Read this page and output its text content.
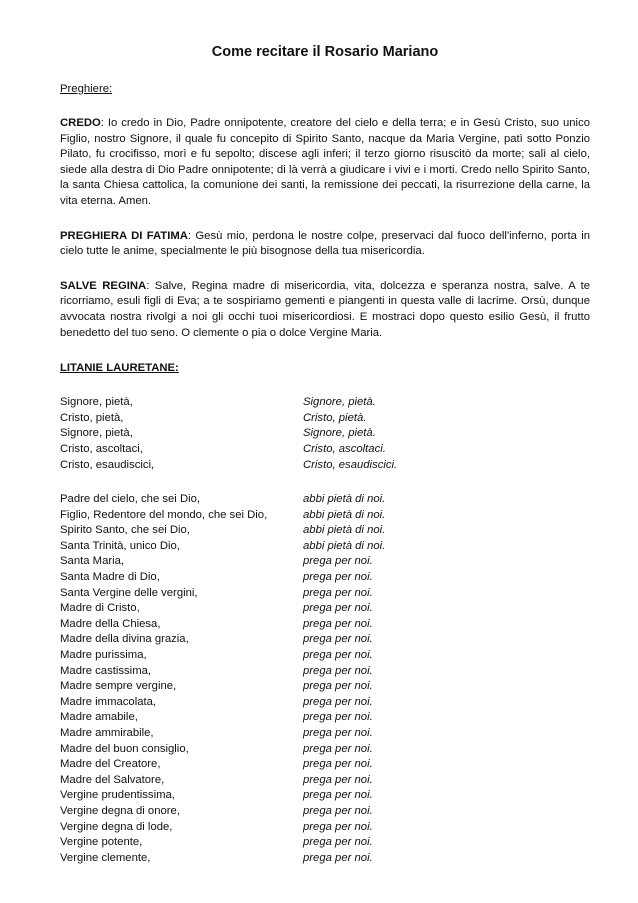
Come recitare il Rosario Mariano
Preghiere:

CREDO: Io credo in Dio, Padre onnipotente, creatore del cielo e della terra; e in Gesù Cristo, suo unico Figlio, nostro Signore, il quale fu concepito di Spirito Santo, nacque da Maria Vergine, patì sotto Ponzio Pilato, fu crocifisso, morì e fu sepolto; discese agli inferi; il terzo giorno risuscitò da morte; salì al cielo, siede alla destra di Dio Padre onnipotente; di là verrà a giudicare i vivi e i morti. Credo nello Spirito Santo, la santa Chiesa cattolica, la comunione dei santi, la remissione dei peccati, la risurrezione della carne, la vita eterna. Amen.

PREGHIERA DI FATIMA: Gesù mio, perdona le nostre colpe, preservaci dal fuoco dell'inferno, porta in cielo tutte le anime, specialmente le più bisognose della tua misericordia.

SALVE REGINA: Salve, Regina madre di misericordia, vita, dolcezza e speranza nostra, salve. A te ricorriamo, esuli figli di Eva; a te sospiriamo gementi e piangenti in questa valle di lacrime. Orsù, dunque avvocata nostra rivolgi a noi gli occhi tuoi misericordiosi. E mostraci dopo questo esilio Gesù, il frutto benedetto del tuo seno. O clemente o pia o dolce Vergine Maria.

LITANIE LAURETANE:
Signore, pietà,	Signore, pietà.
Cristo, pietà,	Cristo, pietà.
Signore, pietà,	Signore, pietà.
Cristo, ascoltaci,	Cristo, ascoltaci.
Cristo, esaudiscici,	Cristo, esaudiscici.
Padre del cielo, che sei Dio,	abbi pietà di noi.
Figlio, Redentore del mondo, che sei Dio,	abbi pietà di noi.
Spirito Santo, che sei Dio,	abbi pietà di noi.
Santa Trinità, unico Dio,	abbi pietà di noi.
Santa Maria,	prega per noi.
Santa Madre di Dio,	prega per noi.
Santa Vergine delle vergini,	prega per noi.
Madre di Cristo,	prega per noi.
Madre della Chiesa,	prega per noi.
Madre della divina grazia,	prega per noi.
Madre purissima,	prega per noi.
Madre castissima,	prega per noi.
Madre sempre vergine,	prega per noi.
Madre immacolata,	prega per noi.
Madre amabile,	prega per noi.
Madre ammirabile,	prega per noi.
Madre del buon consiglio,	prega per noi.
Madre del Creatore,	prega per noi.
Madre del Salvatore,	prega per noi.
Vergine prudentissima,	prega per noi.
Vergine degna di onore,	prega per noi.
Vergine degna di lode,	prega per noi.
Vergine potente,	prega per noi.
Vergine clemente,	prega per noi.
